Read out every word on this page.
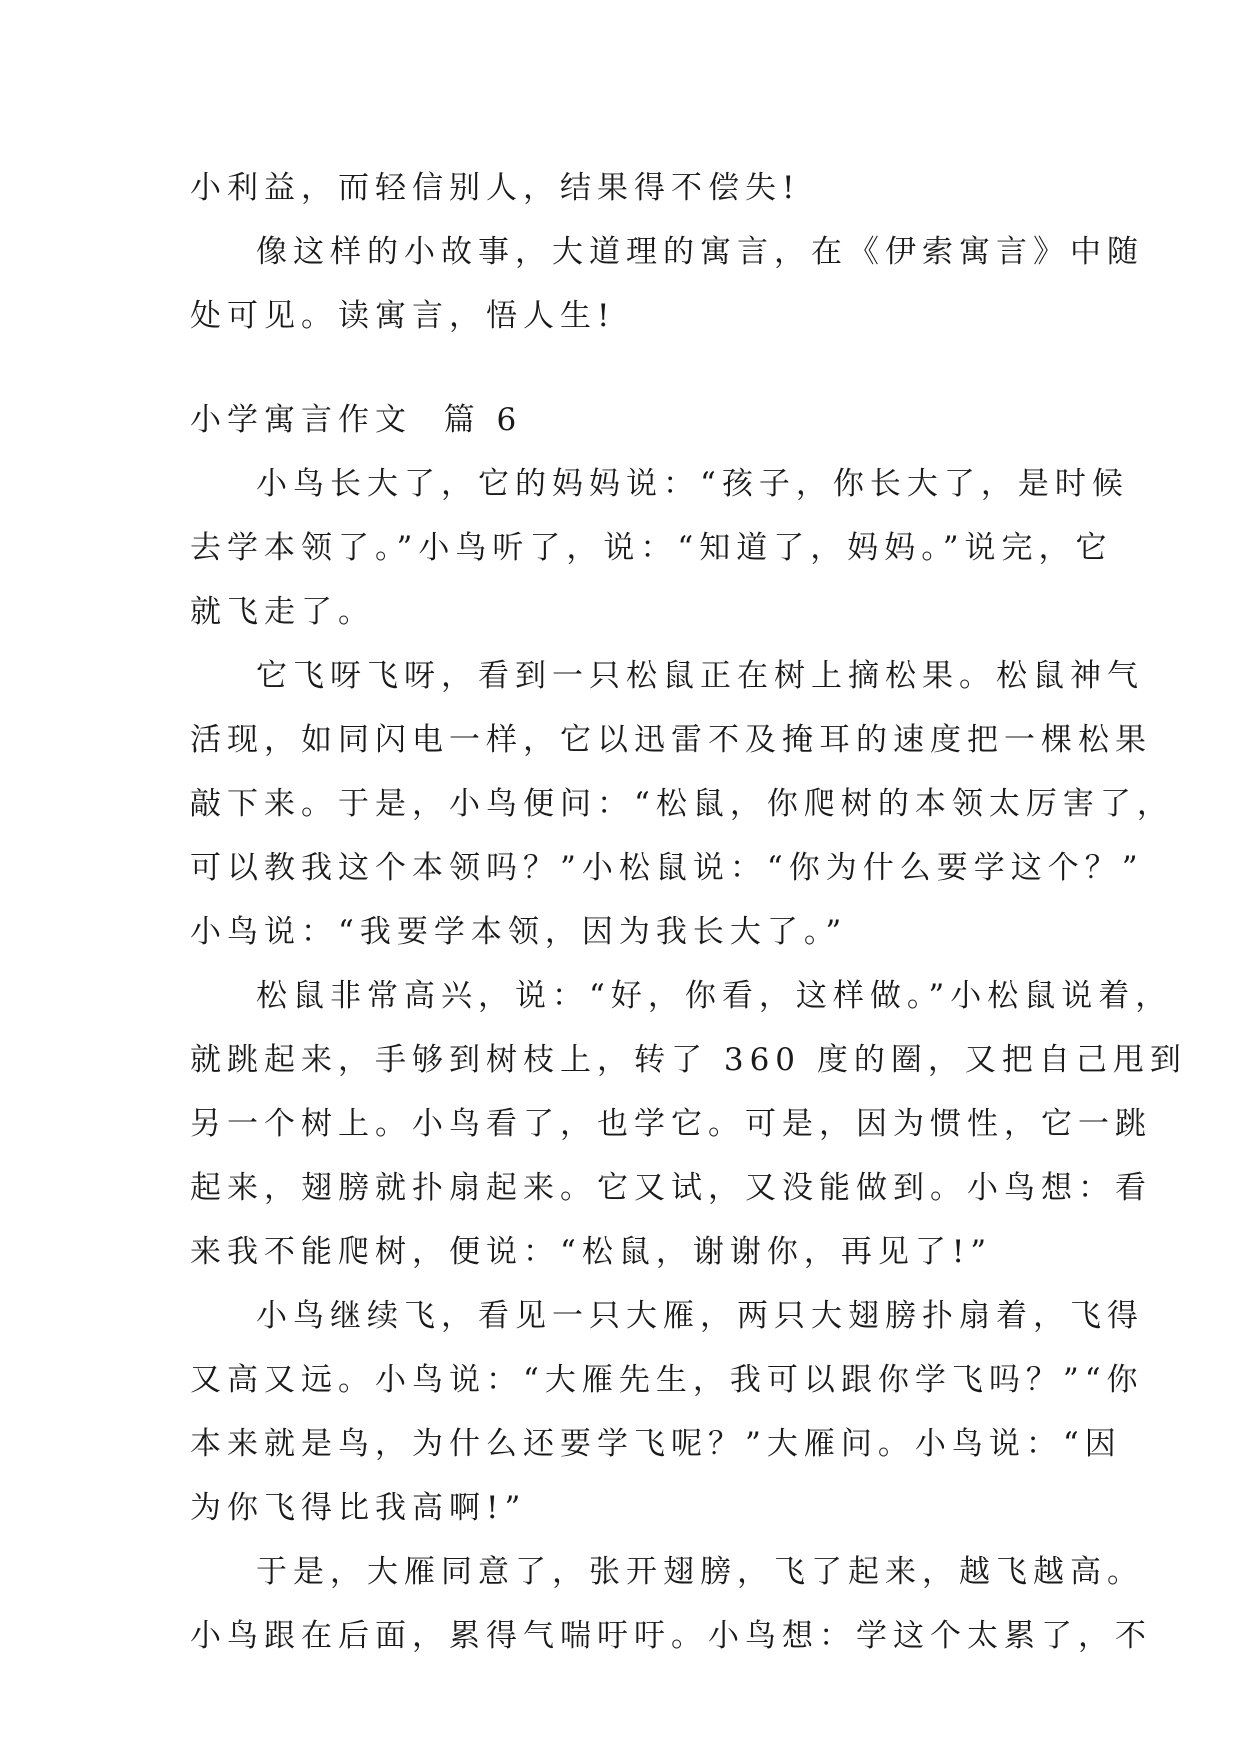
小利益，而轻信别人，结果得不偿失!
像这样的小故事，大道理的寓言，在《伊索寓言》中随
处可见。读寓言，悟人生!
小学寓言作文  篇 6
小鸟长大了，它的妈妈说：“孩子，你长大了，是时候
去学本领了。”小鸟听了，说：“知道了，妈妈。”说完，它
就飞走了。
它飞呀飞呀，看到一只松鼠正在树上摘松果。松鼠神气
活现，如同闪电一样，它以迅雷不及掩耳的速度把一棵松果
敲下来。于是，小鸟便问：“松鼠，你爬树的本领太厉害了，
可以教我这个本领吗？”小松鼠说：“你为什么要学这个？”
小鸟说：“我要学本领，因为我长大了。”
松鼠非常高兴，说：“好，你看，这样做。”小松鼠说着，
就跳起来，手够到树枝上，转了 360 度的圈，又把自己甩到
另一个树上。小鸟看了，也学它。可是，因为惯性，它一跳
起来，翅膀就扑扇起来。它又试，又没能做到。小鸟想：看
来我不能爬树，便说：“松鼠，谢谢你，再见了!”
小鸟继续飞，看见一只大雁，两只大翅膀扑扇着，飞得
又高又远。小鸟说：“大雁先生，我可以跟你学飞吗？”“你
本来就是鸟，为什么还要学飞呢？”大雁问。小鸟说：“因
为你飞得比我高啊!”
于是，大雁同意了，张开翅膀，飞了起来，越飞越高。
小鸟跟在后面，累得气喘吁吁。小鸟想：学这个太累了，不
